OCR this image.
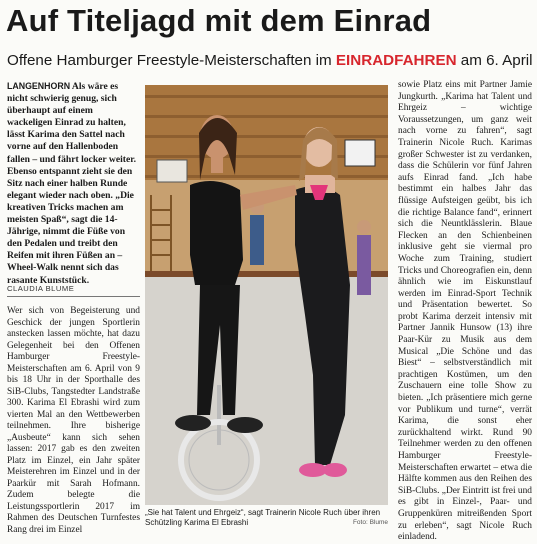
Auf Titeljagd mit dem Einrad
Offene Hamburger Freestyle-Meisterschaften im EINRADFAHREN am 6. April
LANGENHORN Als wäre es nicht schwierig genug, sich überhaupt auf einem wackeligen Einrad zu halten, lässt Karima den Sattel nach vorne auf den Hallenboden fallen – und fährt locker weiter. Ebenso entspannt zieht sie den Sitz nach einer halben Runde elegant wieder nach oben. „Die kreativen Tricks machen am meisten Spaß“, sagt die 14-Jährige, nimmt die Füße von den Pedalen und treibt den Reifen mit ihren Füßen an – Wheel-Walk nennt sich das rasante Kunststück.
CLAUDIA BLUME

Wer sich von Begeisterung und Geschick der jungen Sportlerin anstecken lassen möchte, hat dazu Gelegenheit bei den Offenen Hamburger Freestyle-Meisterschaften am 6. April von 9 bis 18 Uhr in der Sporthalle des SiB-Clubs, Tangstedter Landstraße 300. Karima El Ebrashi wird zum vierten Mal an den Wettbewerben teilnehmen. Ihre bisherige „Ausbeute“ kann sich sehen lassen: 2017 gab es den zweiten Platz im Einzel, ein Jahr später Meisterehren im Einzel und in der Paarkür mit Sarah Hofmann. Zudem belegte die Leistungssportlerin 2017 im Rahmen des Deutschen Turnfestes Rang drei im Einzel

„Sie hat Talent und Ehrgeiz“, sagt Trainerin Nicole Ruch über ihren Schützling Karima El Ebrashi	Foto: Blume

sowie Platz eins mit Partner Jamie Jungkurth. „Karima hat Talent und Ehrgeiz – wichtige Voraussetzungen, um ganz weit nach vorne zu fahren“, sagt Trainerin Nicole Ruch. Karimas großer Schwester ist zu verdanken, dass die Schülerin vor fünf Jahren aufs Einrad fand. „Ich habe bestimmt ein halbes Jahr das flüssige Aufsteigen geübt, bis ich die richtige Balance fand“, erinnert sich die Neuntklässlerin. Blaue Flecken an den Schienbeinen inklusive geht sie viermal pro Woche zum Training, studiert Tricks und Choreografien ein, denn ähnlich wie im Eiskunstlauf werden im Einrad-Sport Technik und Präsentation bewertet. So probt Karima derzeit intensiv mit Partner Jannik Hunsow (13) ihre Paar-Kür zu Musik aus dem Musical „Die Schöne und das Biest“ – selbstverständlich mit prachtigen Kostümen, um den Zuschauern eine tolle Show zu bieten. „Ich präsentiere mich gerne vor Publikum und turne“, verrät Karima, die sonst eher zurückhaltend wirkt. Rund 90 Teilnehmer werden zu den offenen Hamburger Freestyle-Meisterschaften erwartet – etwa die Hälfte kommen aus den Reihen des SiB-Clubs. „Der Eintritt ist frei und es gibt in Einzel-, Paar- und Gruppenküren mitreißenden Sport zu erleben“, sagt Nicole Ruch einladend.
